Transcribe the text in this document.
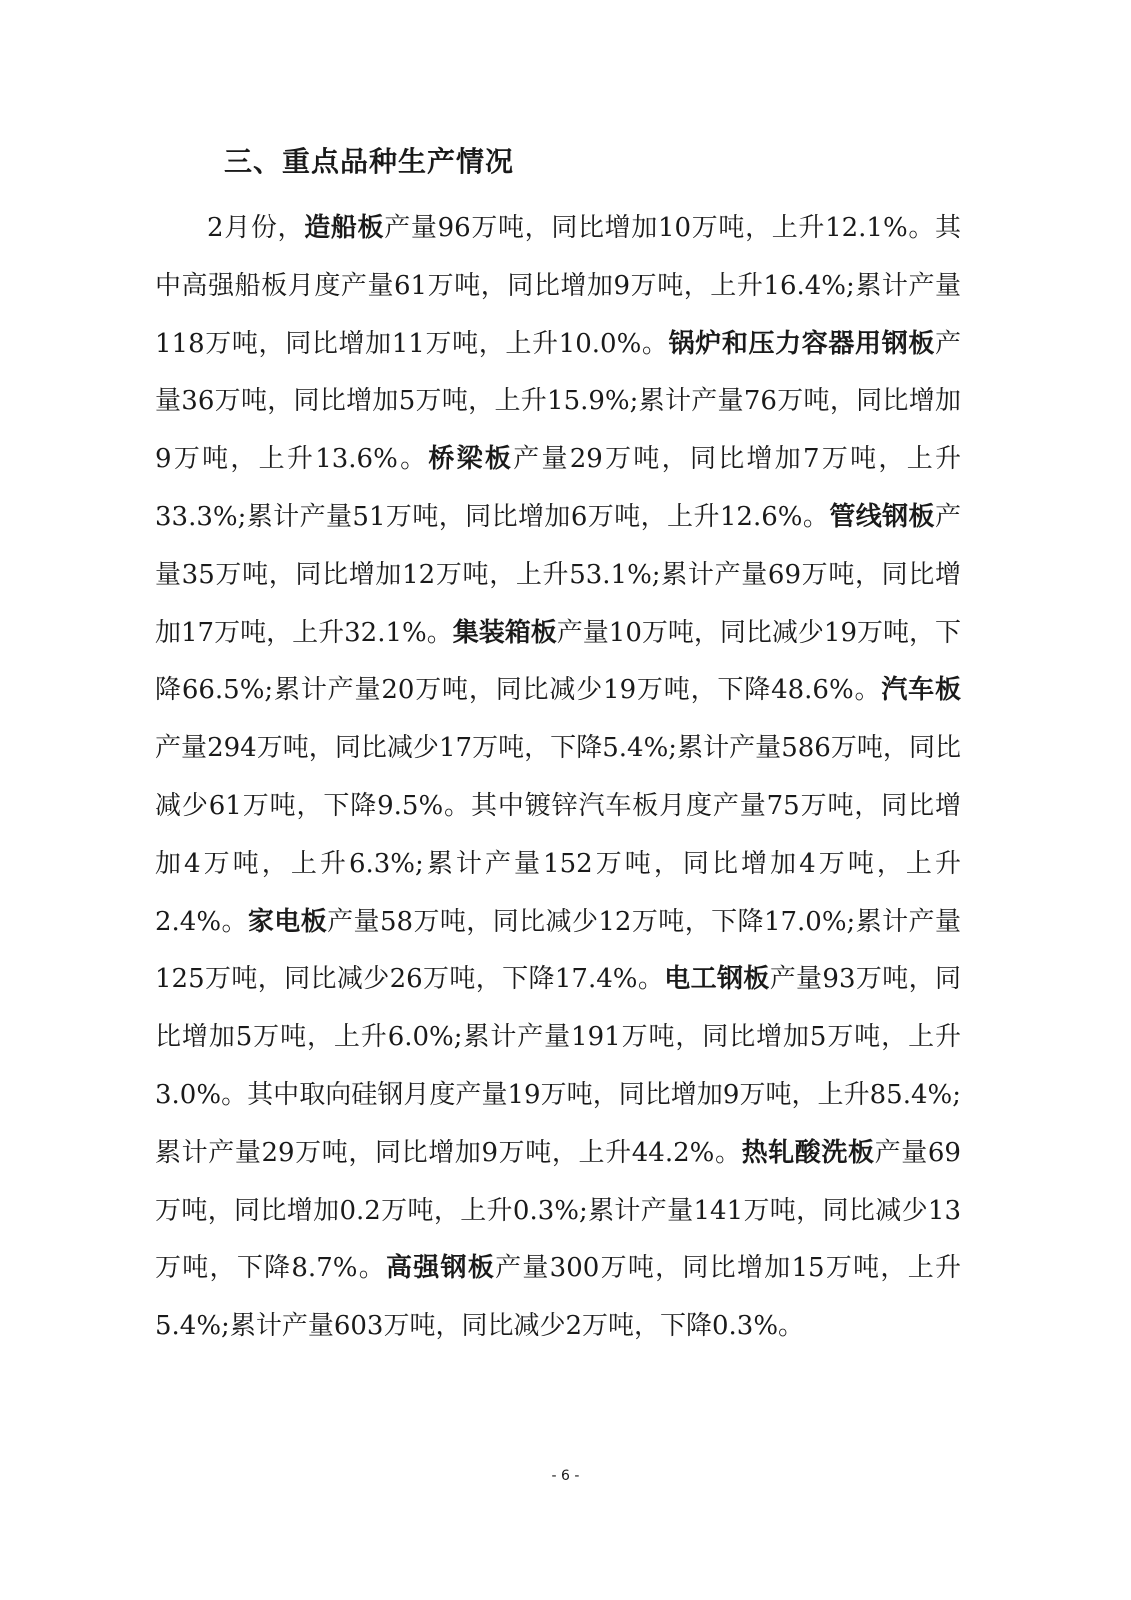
三、重点品种生产情况

2月份，造船板产量96万吨，同比增加10万吨，上升12.1%。其中高强船板月度产量61万吨，同比增加9万吨，上升16.4%;累计产量118万吨，同比增加11万吨，上升10.0%。锅炉和压力容器用钢板产量36万吨，同比增加5万吨，上升15.9%;累计产量76万吨，同比增加9万吨，上升13.6%。桥梁板产量29万吨，同比增加7万吨，上升33.3%;累计产量51万吨，同比增加6万吨，上升12.6%。管线钢板产量35万吨，同比增加12万吨，上升53.1%;累计产量69万吨，同比增加17万吨，上升32.1%。集装箱板产量10万吨，同比减少19万吨，下降66.5%;累计产量20万吨，同比减少19万吨，下降48.6%。汽车板产量294万吨，同比减少17万吨，下降5.4%;累计产量586万吨，同比减少61万吨，下降9.5%。其中镀锌汽车板月度产量75万吨，同比增加4万吨，上升6.3%;累计产量152万吨，同比增加4万吨，上升2.4%。家电板产量58万吨，同比减少12万吨，下降17.0%;累计产量125万吨，同比减少26万吨，下降17.4%。电工钢板产量93万吨，同比增加5万吨，上升6.0%;累计产量191万吨，同比增加5万吨，上升3.0%。其中取向硅钢月度产量19万吨，同比增加9万吨，上升85.4%;累计产量29万吨，同比增加9万吨，上升44.2%。热轧酸洗板产量69万吨，同比增加0.2万吨，上升0.3%;累计产量141万吨，同比减少13万吨，下降8.7%。高强钢板产量300万吨，同比增加15万吨，上升5.4%;累计产量603万吨，同比减少2万吨，下降0.3%。

- 6 -
